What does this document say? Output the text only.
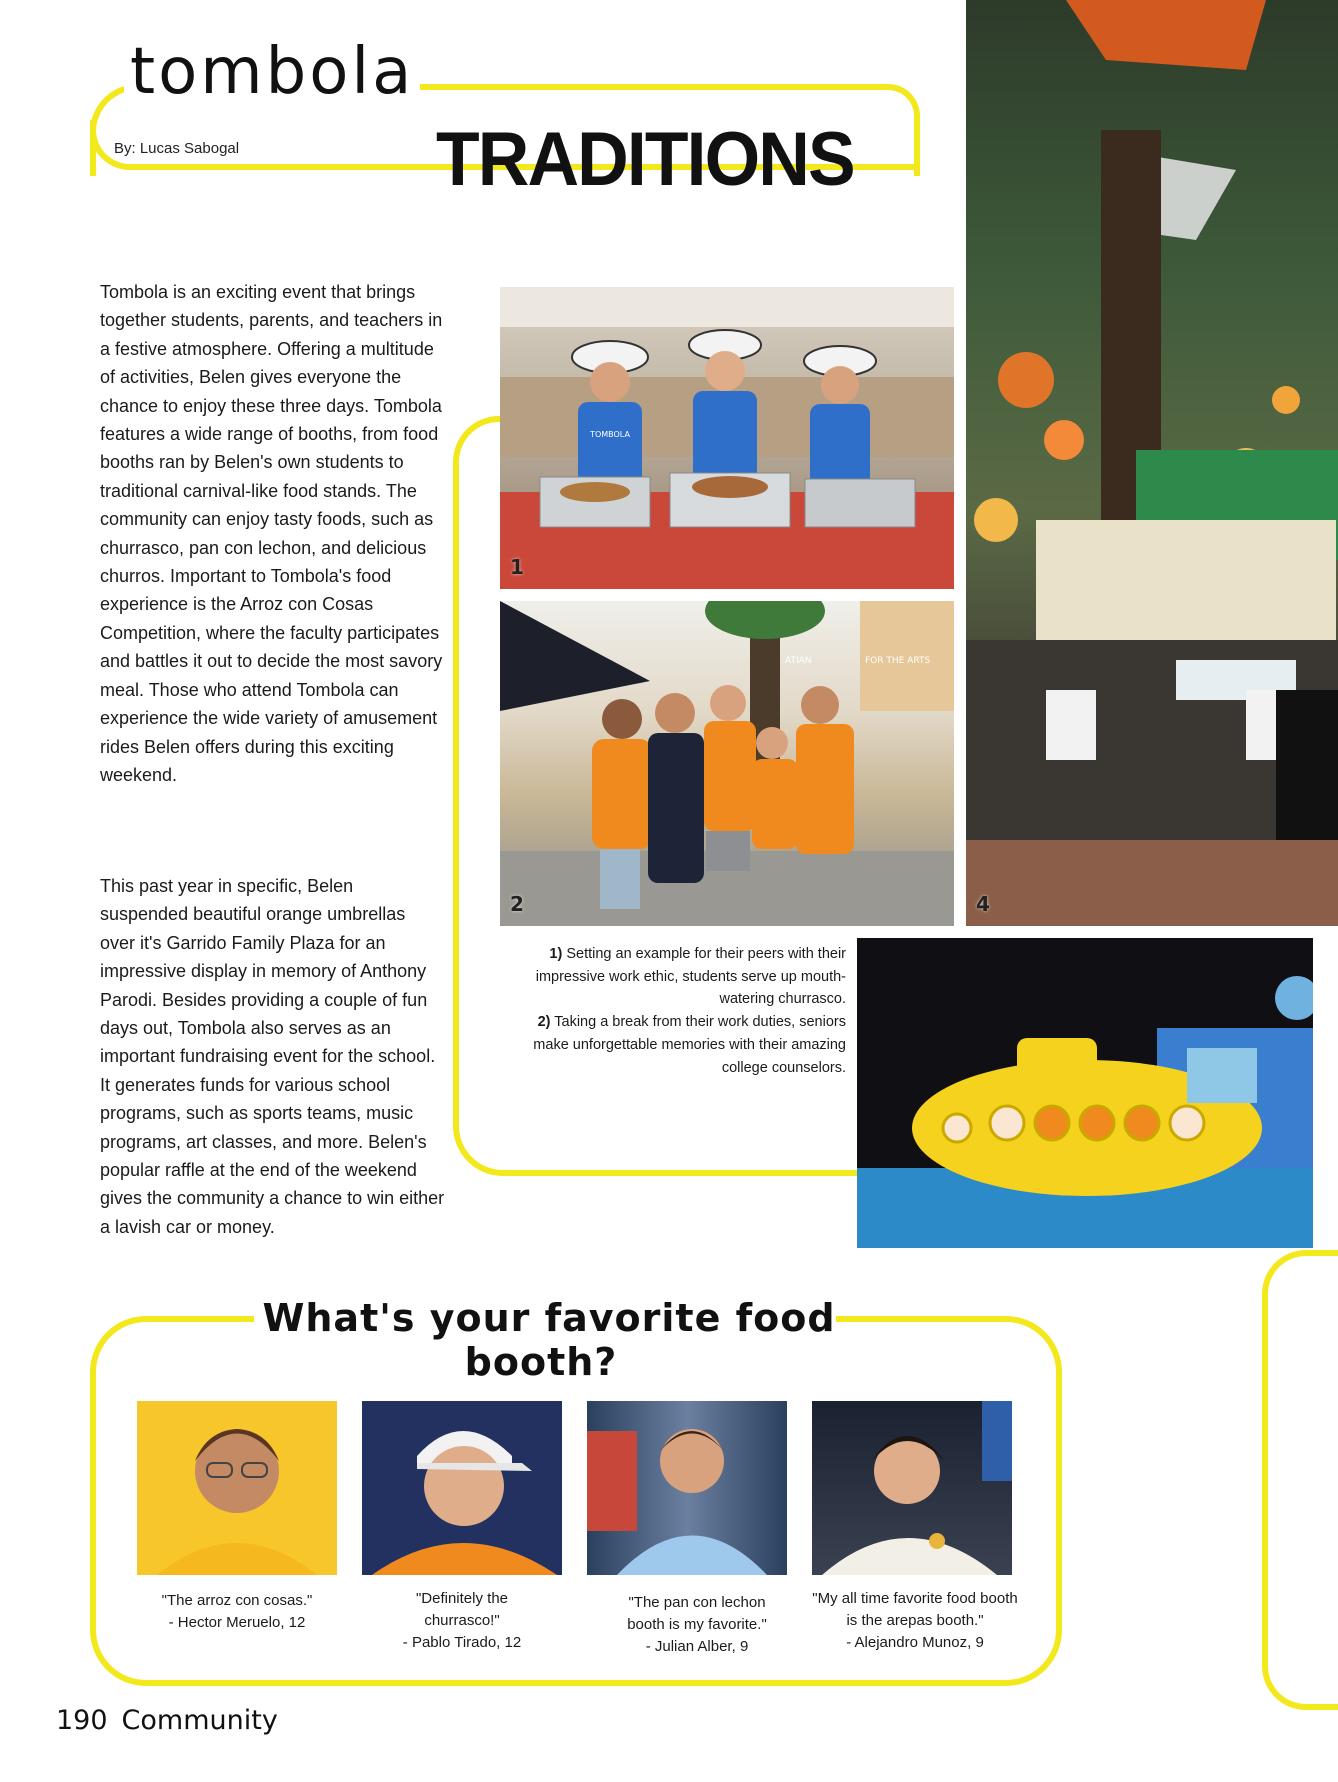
tombola
By: Lucas Sabogal	TRADITIONS

Tombola is an exciting event that brings together students, parents, and teachers in a festive atmosphere. Offering a multitude of activities, Belen gives everyone the chance to enjoy these three days. Tombola features a wide range of booths, from food booths ran by Belen's own students to traditional carnival-like food stands. The community can enjoy tasty foods, such as churrasco, pan con lechon, and delicious churros. Important to Tombola's food experience is the Arroz con Cosas Competition, where the faculty participates and battles it out to decide the most savory meal. Those who attend Tombola can experience the wide variety of amusement rides Belen offers during this exciting weekend.

This past year in specific, Belen suspended beautiful orange umbrellas over it's Garrido Family Plaza for an impressive display in memory of Anthony Parodi. Besides providing a couple of fun days out, Tombola also serves as an important fundraising event for the school. It generates funds for various school programs, such as sports teams, music programs, art classes, and more. Belen's popular raffle at the end of the weekend gives the community a chance to win either a lavish car or money.

TOMBOLA
1
ATIAN	FOR THE ARTS
2	4
1) Setting an example for their peers with their impressive work ethic, students serve up mouth-watering churrasco.
2) Taking a break from their work duties, seniors make unforgettable memories with their amazing college counselors.
What's your favorite food booth?
"The arroz con cosas."
- Hector Meruelo, 12
"Definitely the churrasco!"
- Pablo Tirado, 12
"The pan con lechon booth is my favorite."
- Julian Alber, 9
"My all time favorite food booth is the arepas booth."
- Alejandro Munoz, 9
190 Community
